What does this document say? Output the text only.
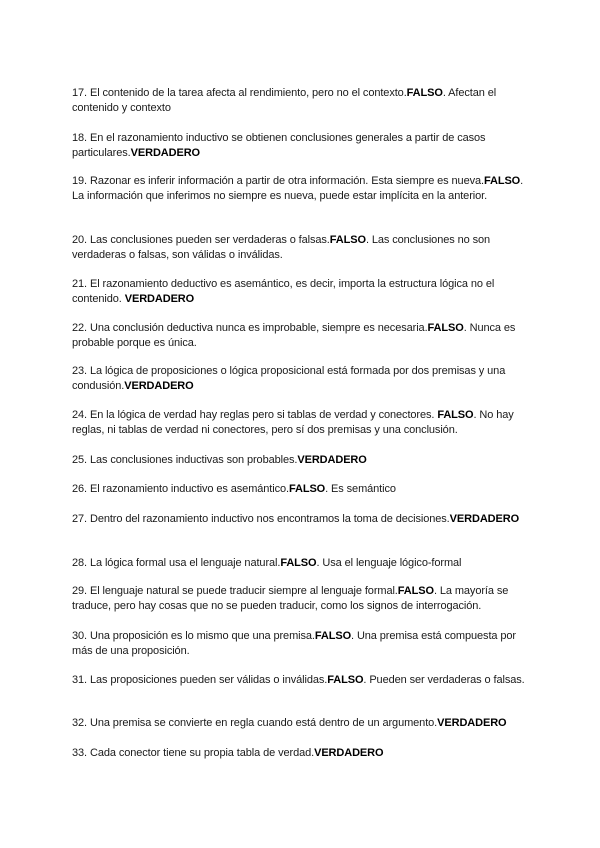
17. El contenido de la tarea afecta al rendimiento, pero no el contexto.FALSO. Afectan el contenido y contexto

18. En el razonamiento inductivo se obtienen conclusiones generales a partir de casos particulares.VERDADERO

19. Razonar es inferir información a partir de otra información. Esta siempre es nueva.FALSO. La información que inferimos no siempre es nueva, puede estar implícita en la anterior.

20. Las conclusiones pueden ser verdaderas o falsas.FALSO. Las conclusiones no son verdaderas o falsas, son válidas o inválidas.

21. El razonamiento deductivo es asemántico, es decir, importa la estructura lógica no el contenido. VERDADERO

22. Una conclusión deductiva nunca es improbable, siempre es necesaria.FALSO. Nunca es probable porque es única.

23. La lógica de proposiciones o lógica proposicional está formada por dos premisas y una condusión.VERDADERO

24. En la lógica de verdad hay reglas pero si tablas de verdad y conectores. FALSO. No hay reglas, ni tablas de verdad ni conectores, pero sí dos premisas y una conclusión.

25. Las conclusiones inductivas son probables.VERDADERO

26. El razonamiento inductivo es asemántico.FALSO. Es semántico

27. Dentro del razonamiento inductivo nos encontramos la toma de decisiones.VERDADERO

28. La lógica formal usa el lenguaje natural.FALSO. Usa el lenguaje lógico-formal

29. El lenguaje natural se puede traducir siempre al lenguaje formal.FALSO. La mayoría se traduce, pero hay cosas que no se pueden traducir, como los signos de interrogación.

30. Una proposición es lo mismo que una premisa.FALSO. Una premisa está compuesta por más de una proposición.

31. Las proposiciones pueden ser válidas o inválidas.FALSO. Pueden ser verdaderas o falsas.

32. Una premisa se convierte en regla cuando está dentro de un argumento.VERDADERO

33. Cada conector tiene su propia tabla de verdad.VERDADERO
